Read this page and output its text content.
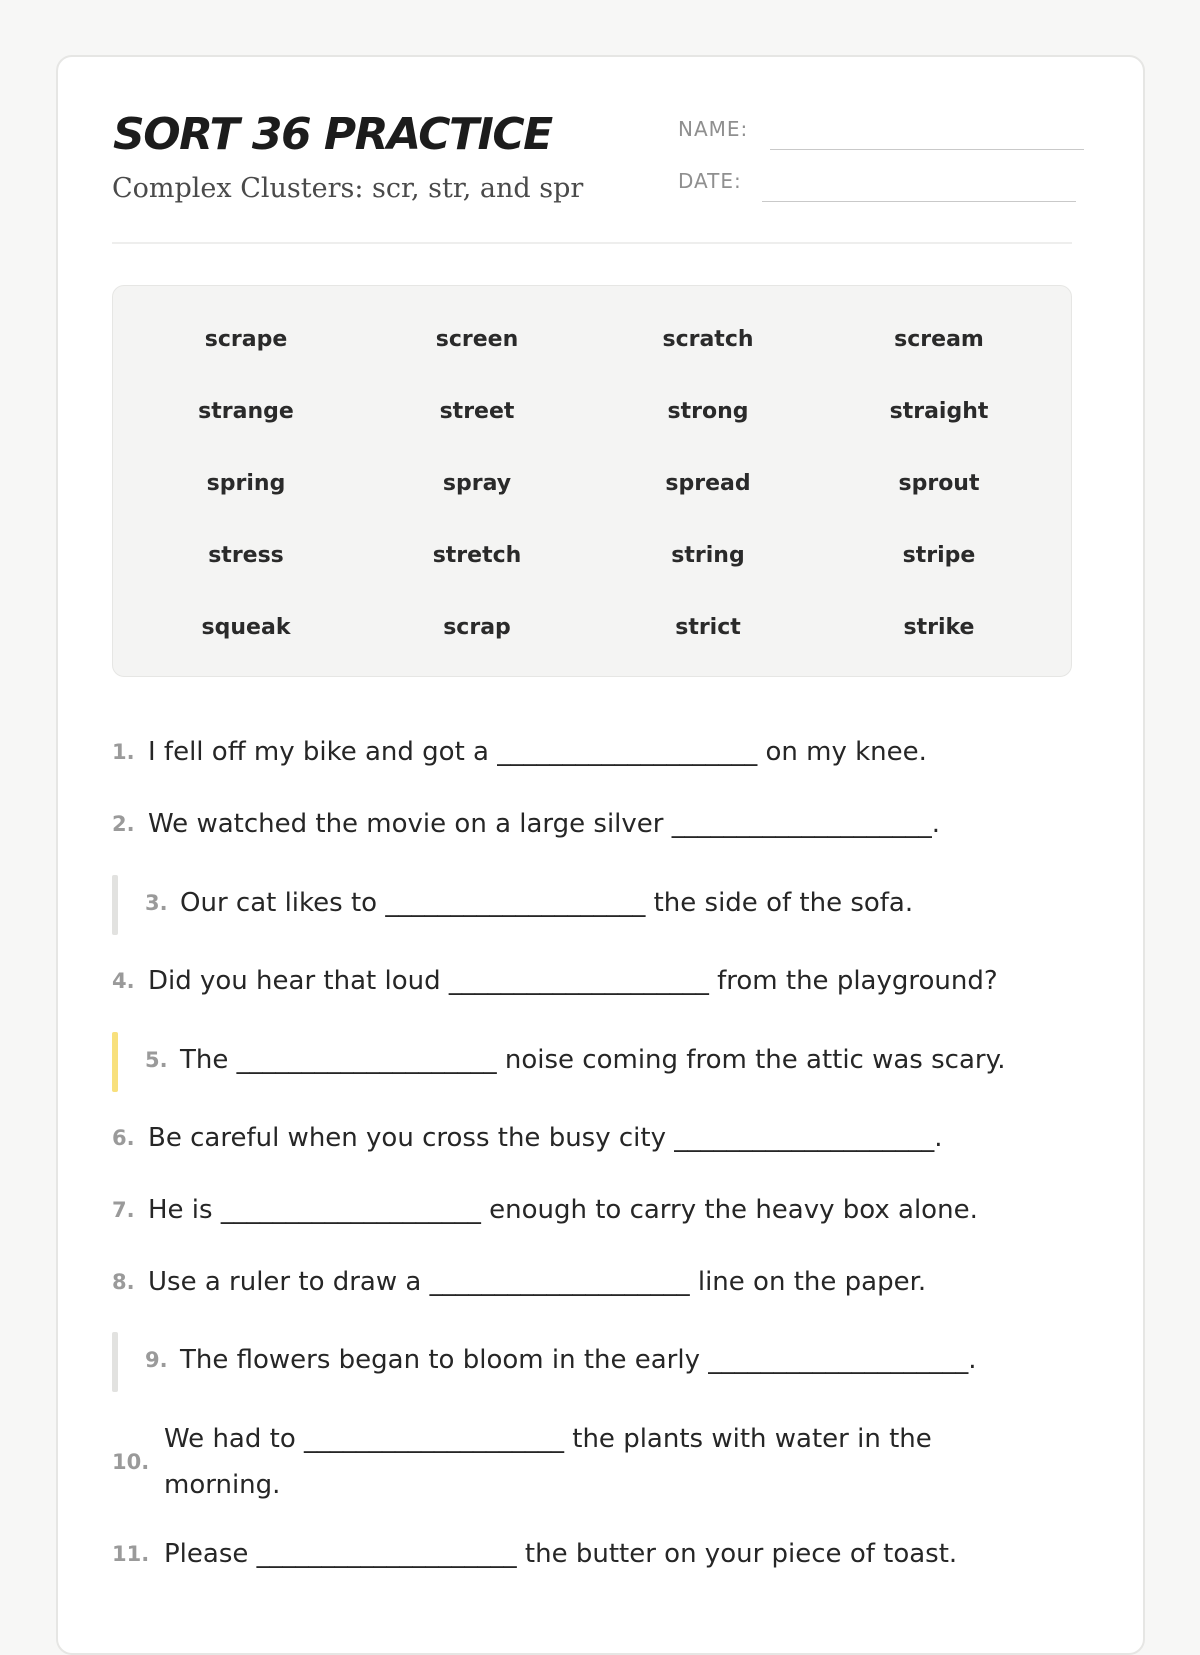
SORT 36 PRACTICE
Complex Clusters: scr, str, and spr
NAME:
DATE:
scrape	screen	scratch	scream
strange	street	strong	straight
spring	spray	spread	sprout
stress	stretch	string	stripe
squeak	scrap	strict	strike
1. I fell off my bike and got a ____________________ on my knee.
2. We watched the movie on a large silver ____________________.
3. Our cat likes to ____________________ the side of the sofa.
4. Did you hear that loud ____________________ from the playground?
5. The ____________________ noise coming from the attic was scary.
6. Be careful when you cross the busy city ____________________.
7. He is ____________________ enough to carry the heavy box alone.
8. Use a ruler to draw a ____________________ line on the paper.
9. The flowers began to bloom in the early ____________________.
10.
We had to ____________________ the plants with water in the morning.
11. Please ____________________ the butter on your piece of toast.
